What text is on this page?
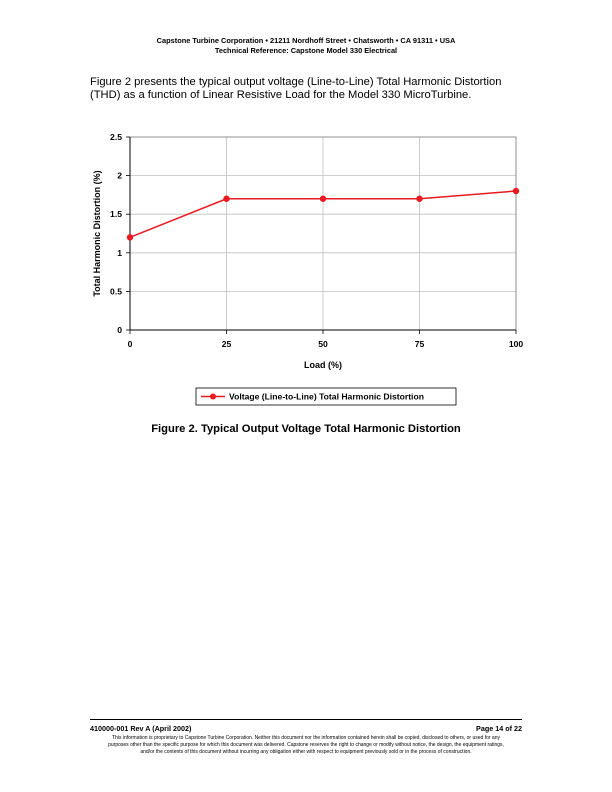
Capstone Turbine Corporation • 21211 Nordhoff Street • Chatsworth • CA 91311 • USA
Technical Reference: Capstone Model 330 Electrical
Figure 2 presents the typical output voltage (Line-to-Line) Total Harmonic Distortion (THD) as a function of Linear Resistive Load for the Model 330 MicroTurbine.
0
0.5
1
1.5
2
2.5
0	25	50	75	100
Load (%)
Total Harmonic Distortion (%)
Voltage (Line-to-Line) Total Harmonic Distortion
Figure 2. Typical Output Voltage Total Harmonic Distortion
410000-001 Rev A (April 2002)	Page 14 of 22
This information is proprietary to Capstone Turbine Corporation. Neither this document nor the information contained herein shall be copied, disclosed to others, or used for any
purposes other than the specific purpose for which this document was delivered. Capstone reserves the right to change or modify without notice, the design, the equipment ratings,
and/or the contents of this document without incurring any obligation either with respect to equipment previously sold or in the process of construction.
